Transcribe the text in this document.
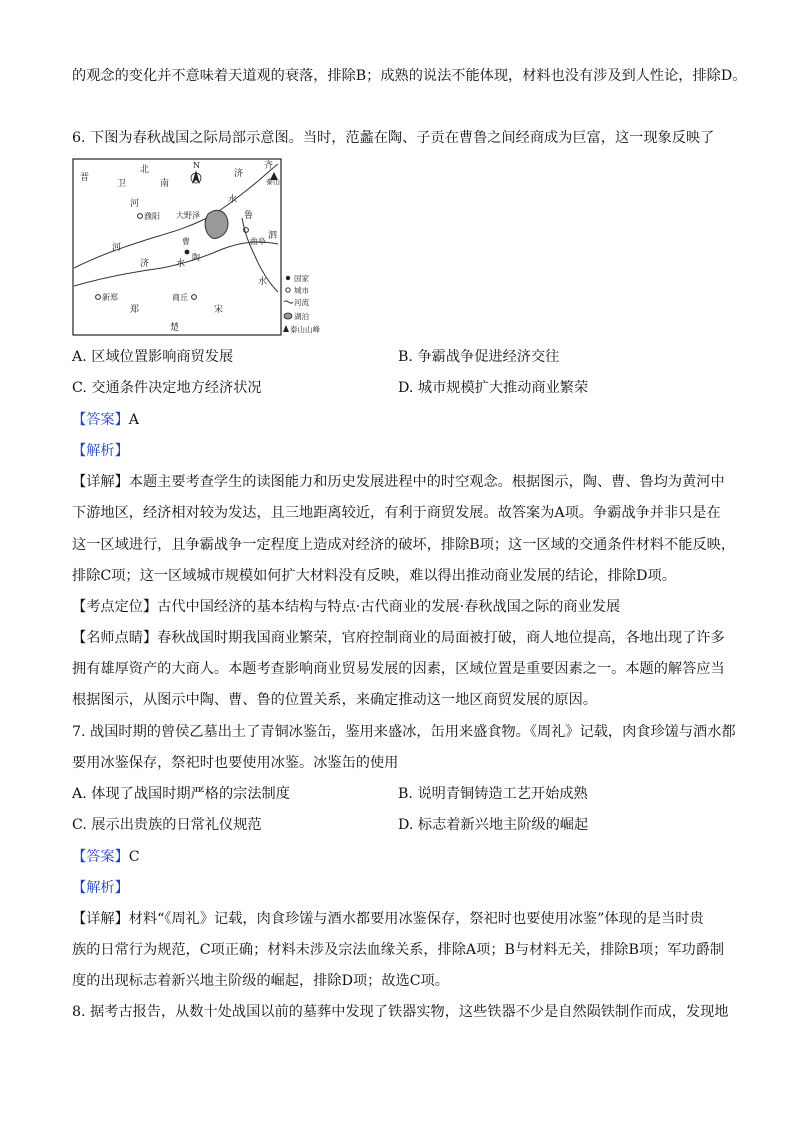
的观念的变化并不意味着天道观的衰落，排除B；成熟的说法不能体现，材料也没有涉及到人性论，排除D。
6. 下图为春秋战国之际局部示意图。当时，范蠡在陶、子贡在曹鲁之间经商成为巨富，这一现象反映了
N
晋
卫
北
南
济
齐
泰山
河
濮阳 大野泽
水
鲁
曲阜
泗
河
曹
陶
济	水
水
新郑
郑
商丘
宋
楚
国家
城市
河流
湖泊
泰山山峰
A. 区域位置影响商贸发展	B. 争霸战争促进经济交往
C. 交通条件决定地方经济状况	D. 城市规模扩大推动商业繁荣
【答案】A
【解析】
【详解】本题主要考查学生的读图能力和历史发展进程中的时空观念。根据图示，陶、曹、鲁均为黄河中
下游地区，经济相对较为发达，且三地距离较近，有利于商贸发展。故答案为A项。争霸战争并非只是在
这一区域进行，且争霸战争一定程度上造成对经济的破坏，排除B项；这一区域的交通条件材料不能反映，
排除C项；这一区域城市规模如何扩大材料没有反映，难以得出推动商业发展的结论，排除D项。
【考点定位】古代中国经济的基本结构与特点·古代商业的发展·春秋战国之际的商业发展
【名师点睛】春秋战国时期我国商业繁荣，官府控制商业的局面被打破，商人地位提高，各地出现了许多
拥有雄厚资产的大商人。本题考查影响商业贸易发展的因素，区域位置是重要因素之一。本题的解答应当
根据图示，从图示中陶、曹、鲁的位置关系，来确定推动这一地区商贸发展的原因。
7. 战国时期的曾侯乙墓出土了青铜冰鉴缶，鉴用来盛冰，缶用来盛食物。《周礼》记载，肉食珍馐与酒水都
要用冰鉴保存，祭祀时也要使用冰鉴。冰鉴缶的使用
A. 体现了战国时期严格的宗法制度	B. 说明青铜铸造工艺开始成熟
C. 展示出贵族的日常礼仪规范	D. 标志着新兴地主阶级的崛起
【答案】C
【解析】
【详解】材料“《周礼》记载，肉食珍馐与酒水都要用冰鉴保存，祭祀时也要使用冰鉴”体现的是当时贵
族的日常行为规范，C项正确；材料未涉及宗法血缘关系，排除A项；B与材料无关，排除B项；军功爵制
度的出现标志着新兴地主阶级的崛起，排除D项；故选C项。
8. 据考古报告，从数十处战国以前的墓葬中发现了铁器实物，这些铁器不少是自然陨铁制作而成，发现地
